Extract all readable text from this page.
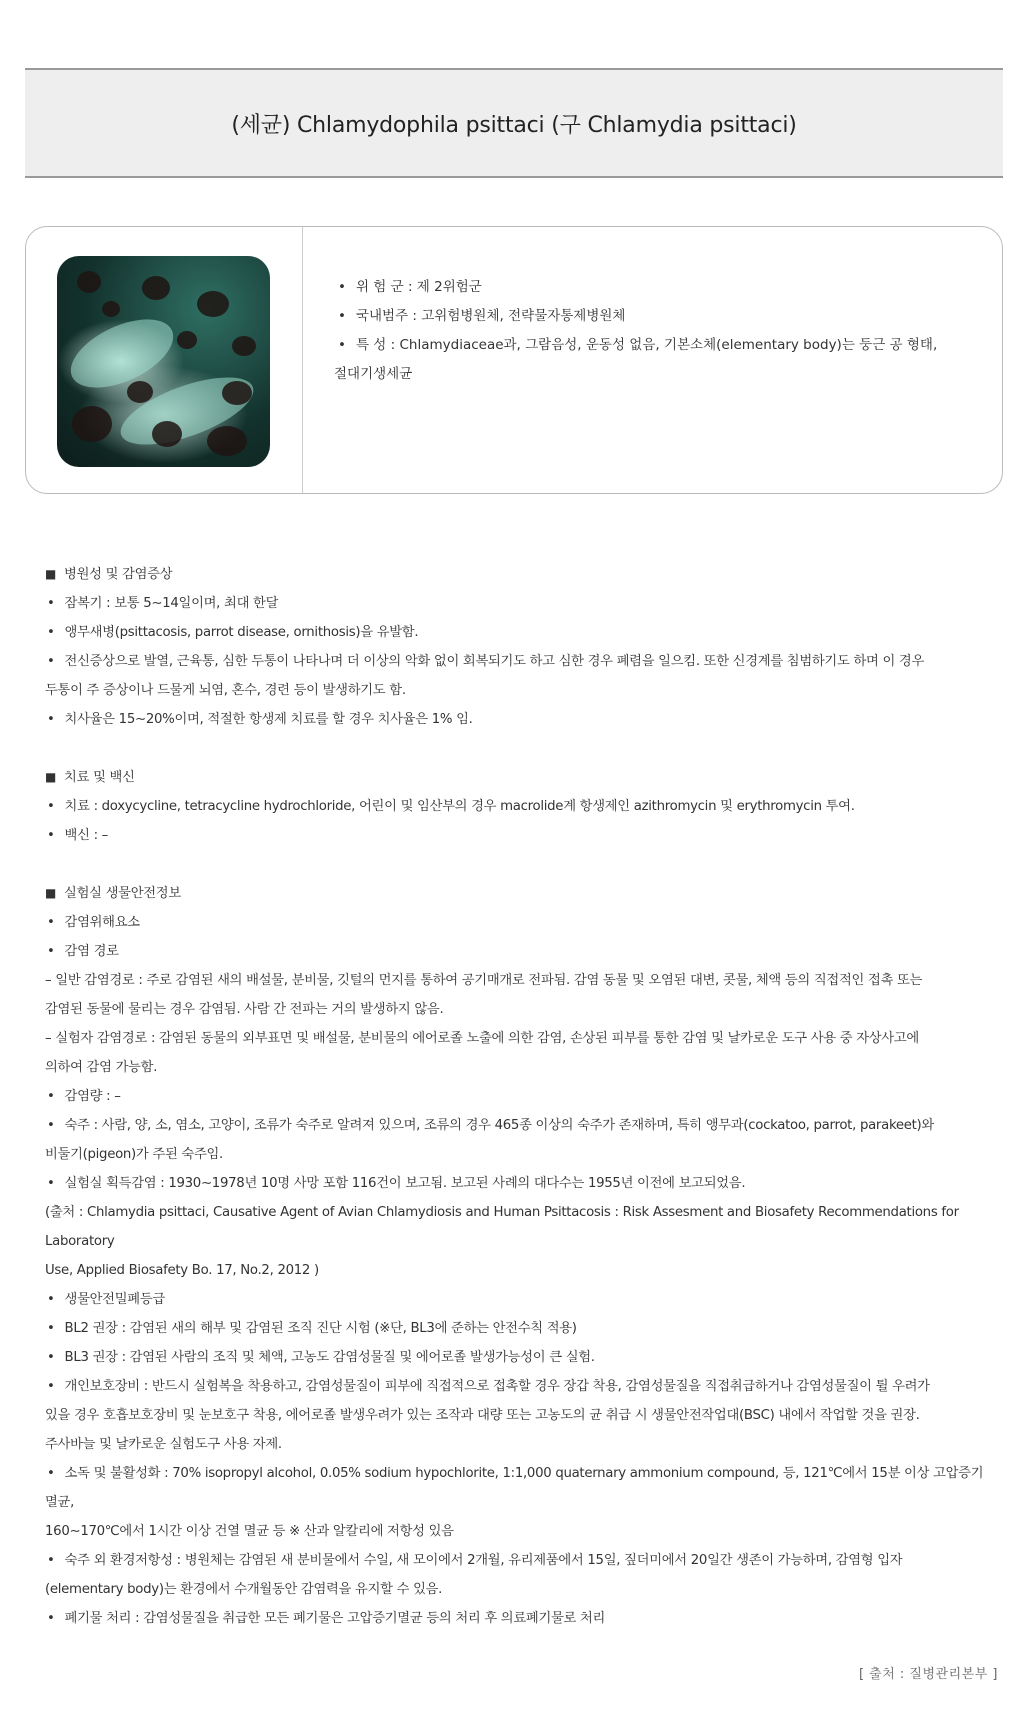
(세균) Chlamydophila psittaci (구 Chlamydia psittaci)

• 위 험 군 : 제 2위험군

• 국내범주 : 고위험병원체, 전략물자통제병원체

• 특 성 : Chlamydiaceae과, 그람음성, 운동성 없음, 기본소체(elementary body)는 둥근 공 형태,

절대기생세균

■ 병원성 및 감염증상

• 잠복기 : 보통 5∼14일이며, 최대 한달

• 앵무새병(psittacosis, parrot disease, ornithosis)을 유발함.

• 전신증상으로 발열, 근육통, 심한 두통이 나타나며 더 이상의 악화 없이 회복되기도 하고 심한 경우 폐렴을 일으킴. 또한 신경계를 침범하기도 하며 이 경우

두통이 주 증상이나 드물게 뇌염, 혼수, 경련 등이 발생하기도 함.

• 치사율은 15∼20%이며, 적절한 항생제 치료를 할 경우 치사율은 1% 임.

■ 치료 및 백신

• 치료 : doxycycline, tetracycline hydrochloride, 어린이 및 임산부의 경우 macrolide계 항생제인 azithromycin 및 erythromycin 투여.

• 백신 : –

■ 실험실 생물안전정보

• 감염위해요소

• 감염 경로

– 일반 감염경로 : 주로 감염된 새의 배설물, 분비물, 깃털의 먼지를 통하여 공기매개로 전파됨. 감염 동물 및 오염된 대변, 콧물, 체액 등의 직접적인 접촉 또는

감염된 동물에 물리는 경우 감염됨. 사람 간 전파는 거의 발생하지 않음.

– 실험자 감염경로 : 감염된 동물의 외부표면 및 배설물, 분비물의 에어로졸 노출에 의한 감염, 손상된 피부를 통한 감염 및 날카로운 도구 사용 중 자상사고에

의하여 감염 가능함.

• 감염량 : –

• 숙주 : 사람, 양, 소, 염소, 고양이, 조류가 숙주로 알려져 있으며, 조류의 경우 465종 이상의 숙주가 존재하며, 특히 앵무과(cockatoo, parrot, parakeet)와

비둘기(pigeon)가 주된 숙주임.

• 실험실 획득감염 : 1930∼1978년 10명 사망 포함 116건이 보고됨. 보고된 사례의 대다수는 1955년 이전에 보고되었음.

(출처 : Chlamydia psittaci, Causative Agent of Avian Chlamydiosis and Human Psittacosis : Risk Assesment and Biosafety Recommendations for Laboratory

Use, Applied Biosafety Bo. 17, No.2, 2012 )

• 생물안전밀폐등급

• BL2 권장 : 감염된 새의 해부 및 감염된 조직 진단 시험 (※단, BL3에 준하는 안전수칙 적용)

• BL3 권장 : 감염된 사람의 조직 및 체액, 고농도 감염성물질 및 에어로졸 발생가능성이 큰 실험.

• 개인보호장비 : 반드시 실험복을 착용하고, 감염성물질이 피부에 직접적으로 접촉할 경우 장갑 착용, 감염성물질을 직접취급하거나 감염성물질이 튈 우려가

있을 경우 호흡보호장비 및 눈보호구 착용, 에어로졸 발생우려가 있는 조작과 대량 또는 고농도의 균 취급 시 생물안전작업대(BSC) 내에서 작업할 것을 권장.

주사바늘 및 날카로운 실험도구 사용 자제.

• 소독 및 불활성화 : 70% isopropyl alcohol, 0.05% sodium hypochlorite, 1:1,000 quaternary ammonium compound, 등, 121℃에서 15분 이상 고압증기멸균,

160∼170℃에서 1시간 이상 건열 멸균 등 ※ 산과 알칼리에 저항성 있음

• 숙주 외 환경저항성 : 병원체는 감염된 새 분비물에서 수일, 새 모이에서 2개월, 유리제품에서 15일, 짚더미에서 20일간 생존이 가능하며, 감염형 입자

(elementary body)는 환경에서 수개월동안 감염력을 유지할 수 있음.

• 폐기물 처리 : 감염성물질을 취급한 모든 폐기물은 고압증기멸균 등의 처리 후 의료폐기물로 처리

[ 출처 : 질병관리본부 ]
